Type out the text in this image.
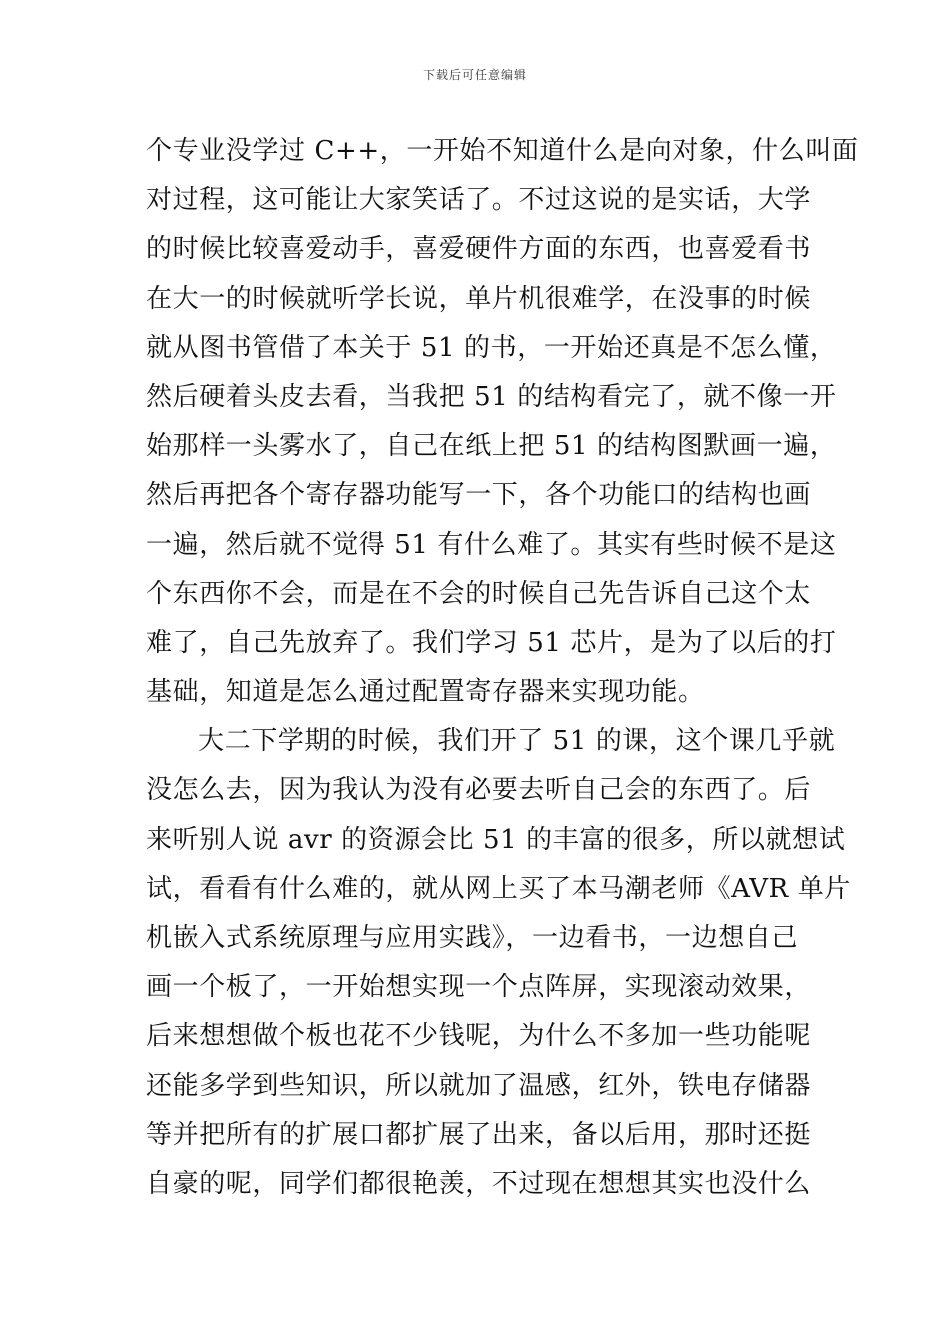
下载后可任意编辑
个专业没学过 C++，一开始不知道什么是向对象，什么叫面
对过程，这可能让大家笑话了。不过这说的是实话，大学
的时候比较喜爱动手，喜爱硬件方面的东西，也喜爱看书
在大一的时候就听学长说，单片机很难学，在没事的时候
就从图书管借了本关于 51 的书，一开始还真是不怎么懂，
然后硬着头皮去看，当我把 51 的结构看完了，就不像一开
始那样一头雾水了，自己在纸上把 51 的结构图默画一遍，
然后再把各个寄存器功能写一下，各个功能口的结构也画
一遍，然后就不觉得 51 有什么难了。其实有些时候不是这
个东西你不会，而是在不会的时候自己先告诉自己这个太
难了，自己先放弃了。我们学习 51 芯片，是为了以后的打
基础，知道是怎么通过配置寄存器来实现功能。
大二下学期的时候，我们开了 51 的课，这个课几乎就
没怎么去，因为我认为没有必要去听自己会的东西了。后
来听别人说 avr 的资源会比 51 的丰富的很多，所以就想试
试，看看有什么难的，就从网上买了本马潮老师《AVR 单片
机嵌入式系统原理与应用实践》，一边看书，一边想自己
画一个板了，一开始想实现一个点阵屏，实现滚动效果，
后来想想做个板也花不少钱呢，为什么不多加一些功能呢
还能多学到些知识，所以就加了温感，红外，铁电存储器
等并把所有的扩展口都扩展了出来，备以后用，那时还挺
自豪的呢，同学们都很艳羡，不过现在想想其实也没什么
